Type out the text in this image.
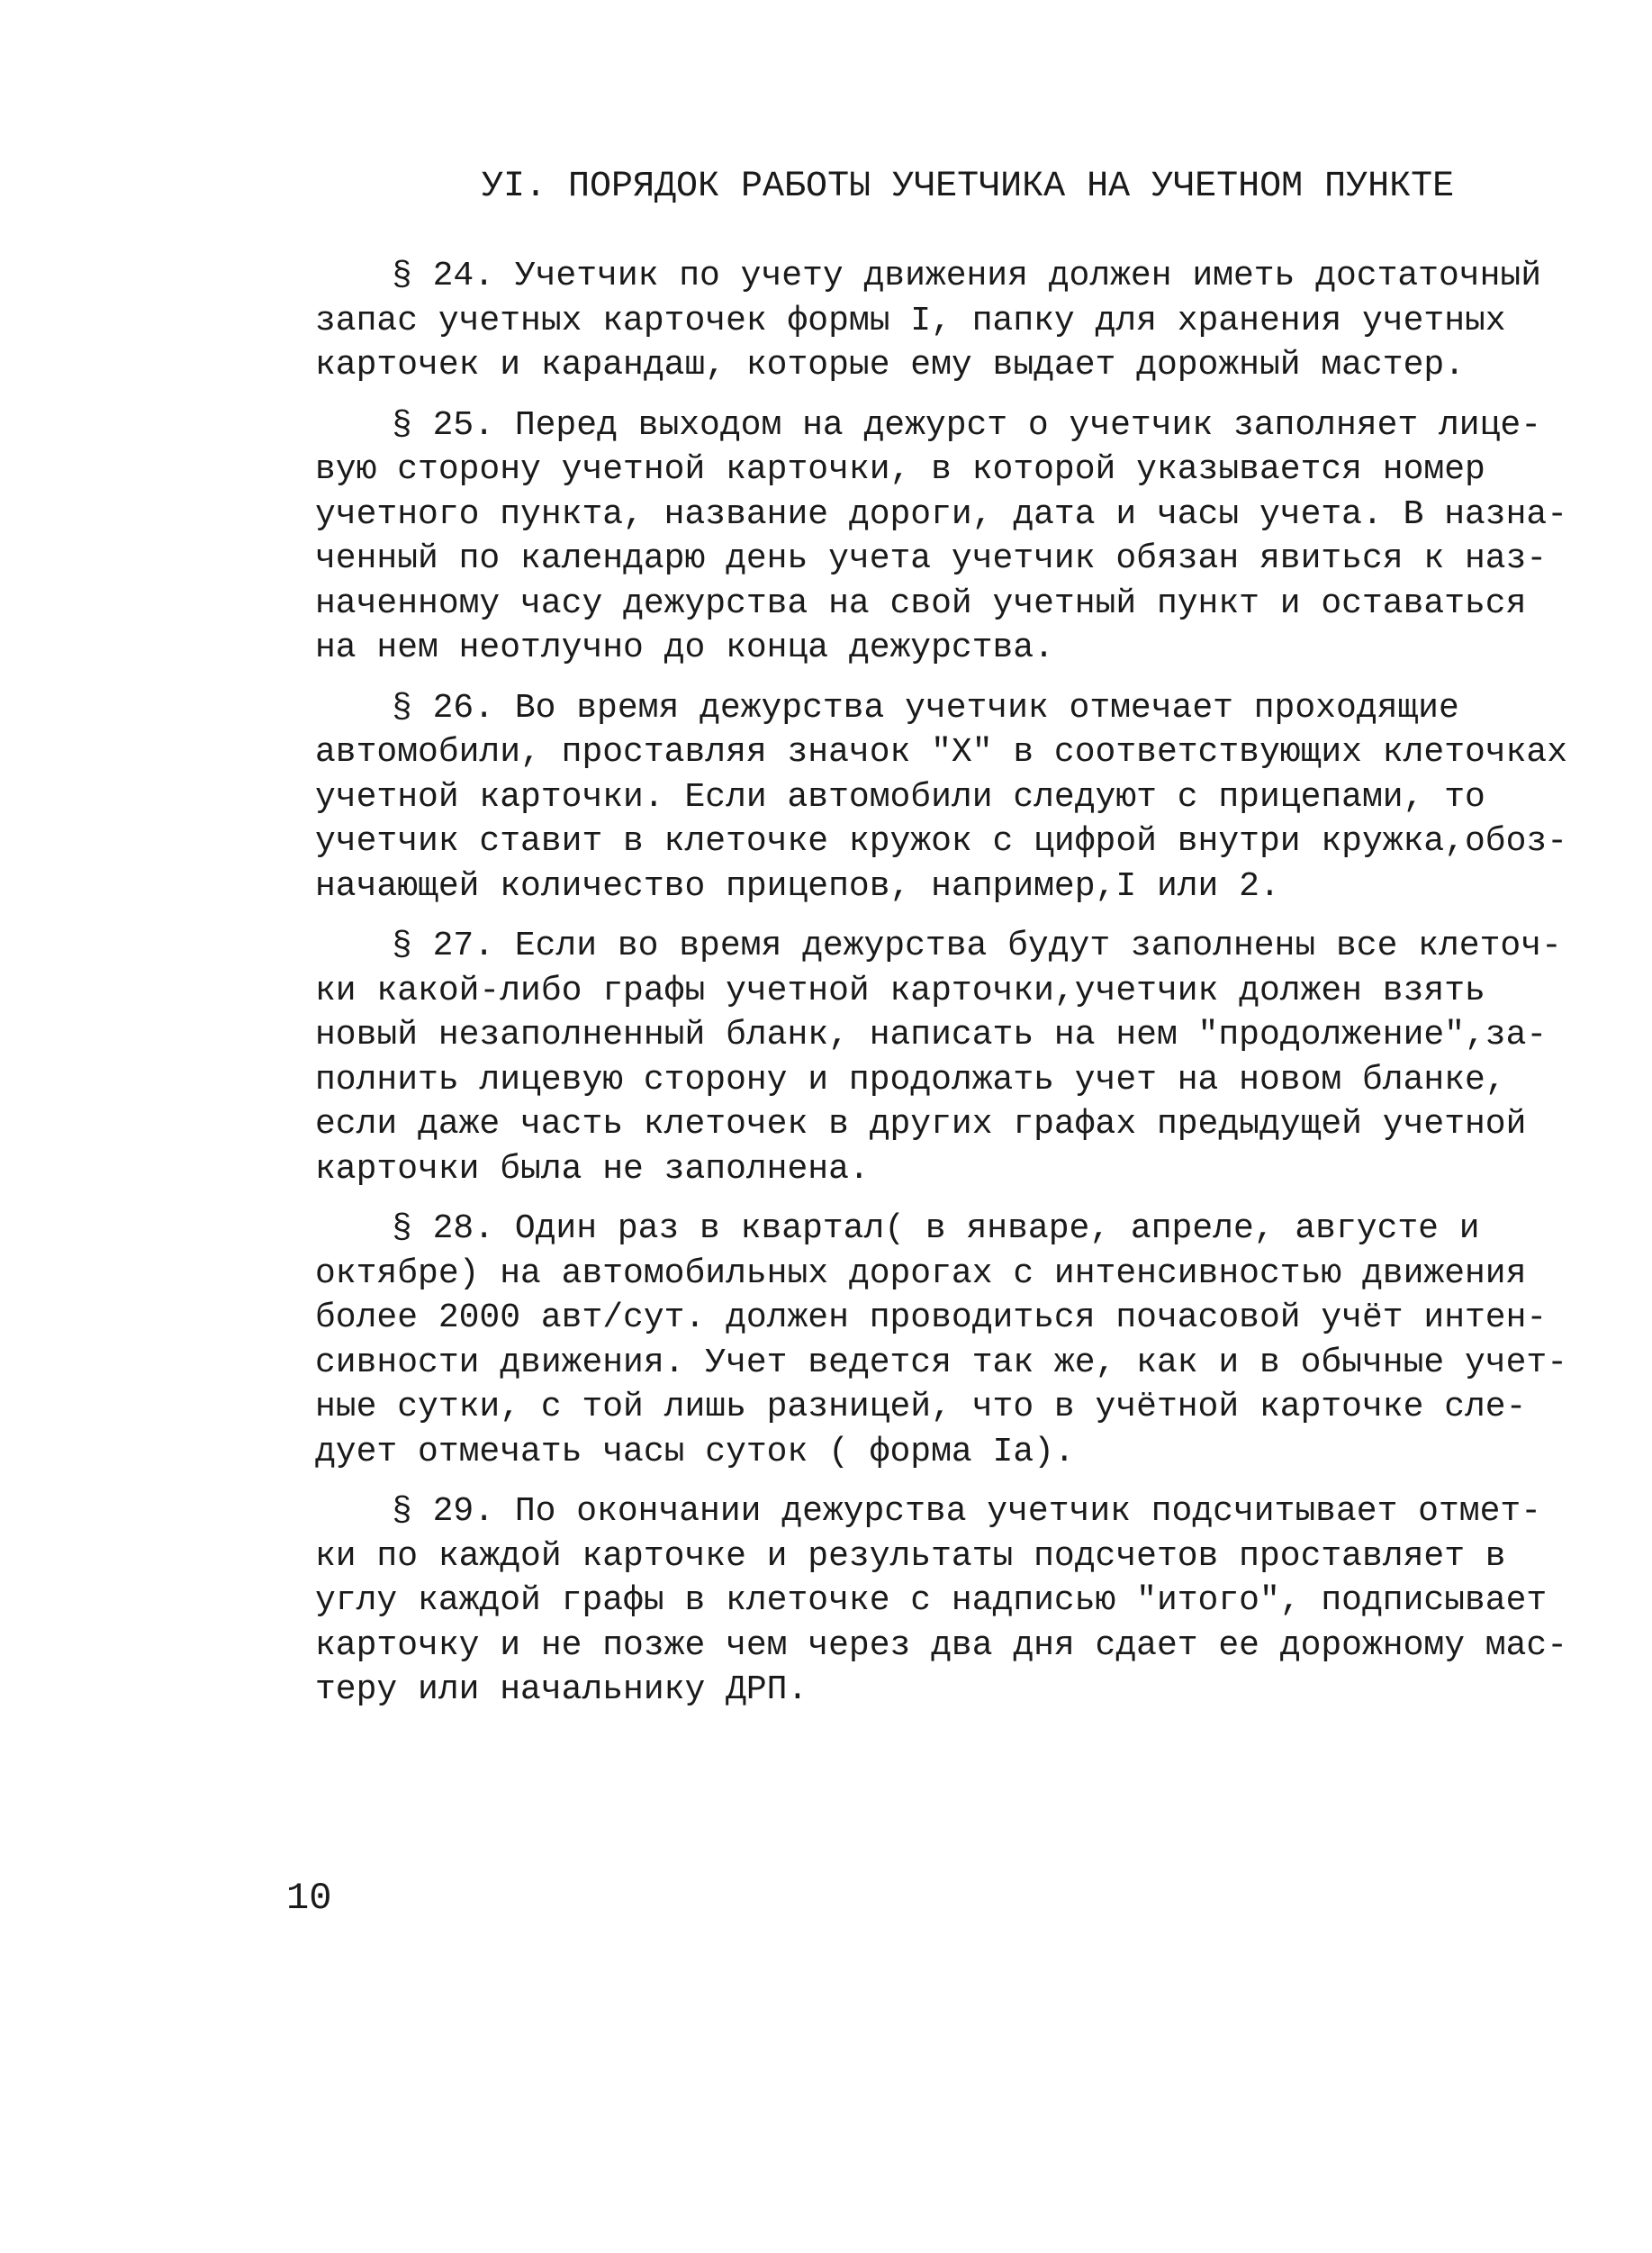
УI. ПОРЯДОК РАБОТЫ УЧЕТЧИКА НА УЧЕТНОМ ПУНКТЕ

§ 24. Учетчик по учету движения должен иметь достаточный
запас учетных карточек формы I, папку для хранения учетных
карточек и карандаш, которые ему выдает дорожный мастер.

§ 25. Перед выходом на дежурст о учетчик заполняет лице-
вую сторону учетной карточки, в которой указывается номер
учетного пункта, название дороги, дата и часы учета. В назна-
ченный по календарю день учета учетчик обязан явиться к наз-
наченному часу дежурства на свой учетный пункт и оставаться
на нем неотлучно до конца дежурства.

§ 26. Во время дежурства учетчик отмечает проходящие
автомобили, проставляя значок "Х" в соответствующих клеточках
учетной карточки. Если автомобили следуют с прицепами, то
учетчик ставит в клеточке кружок с цифрой внутри кружка,обоз-
начающей количество прицепов, например,I или 2.

§ 27. Если во время дежурства будут заполнены все клеточ-
ки какой-либо графы учетной карточки,учетчик должен взять
новый незаполненный бланк, написать на нем "продолжение",за-
полнить лицевую сторону и продолжать учет на новом бланке,
если даже часть клеточек в других графах предыдущей учетной
карточки была не заполнена.

§ 28. Один раз в квартал( в январе, апреле, августе и
октябре) на автомобильных дорогах с интенсивностью движения
более 2000 авт/сут. должен проводиться почасовой учёт интен-
сивности движения. Учет ведется так же, как и в обычные учет-
ные сутки, с той лишь разницей, что в учётной карточке сле-
дует отмечать часы суток ( форма Iа).

§ 29. По окончании дежурства учетчик подсчитывает отмет-
ки по каждой карточке и результаты подсчетов проставляет в
углу каждой графы в клеточке с надписью "итого", подписывает
карточку и не позже чем через два дня сдает ее дорожному мас-
теру или начальнику ДРП.

10
